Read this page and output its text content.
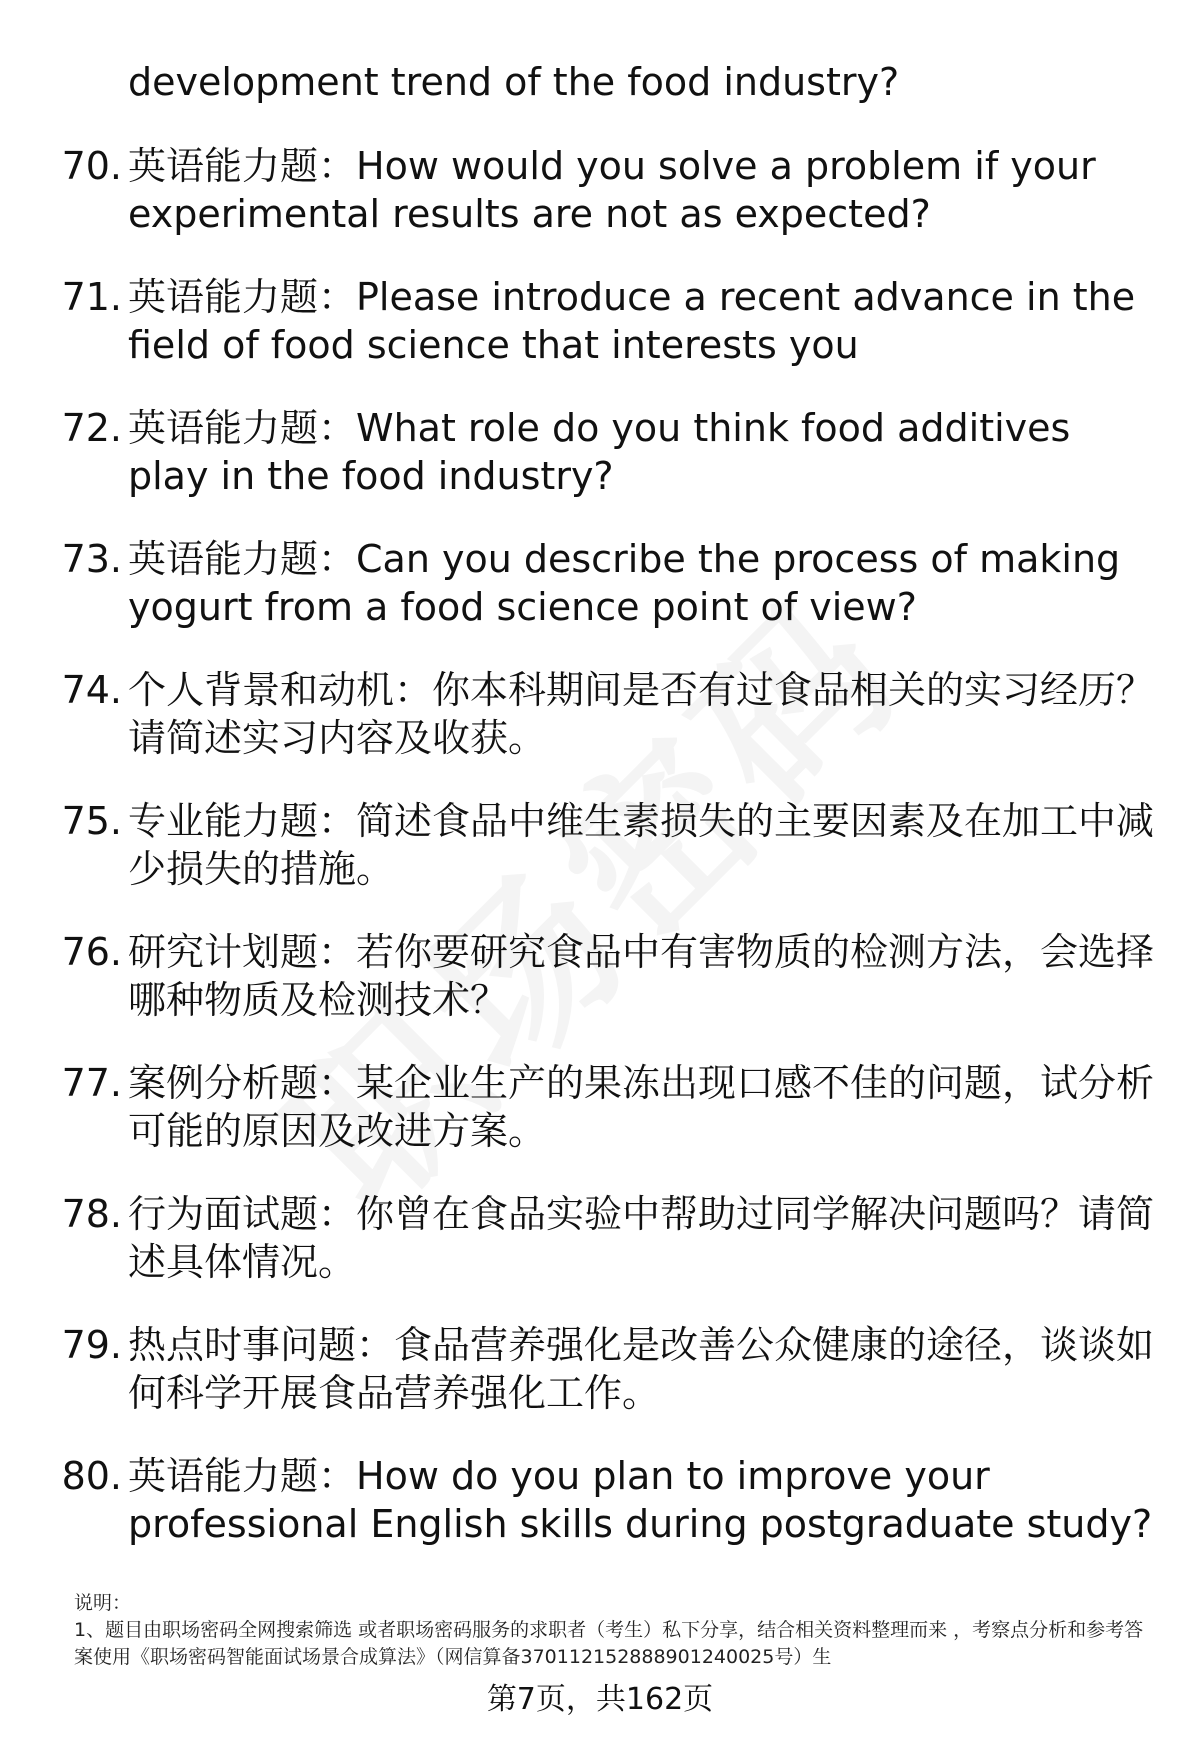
development trend of the food industry?
70. 英语能力题：How would you solve a problem if your experimental results are not as expected?
71. 英语能力题：Please introduce a recent advance in the field of food science that interests you
72. 英语能力题：What role do you think food additives play in the food industry?
73. 英语能力题：Can you describe the process of making yogurt from a food science point of view?
74. 个人背景和动机：你本科期间是否有过食品相关的实习经历？请简述实习内容及收获。
75. 专业能力题：简述食品中维生素损失的主要因素及在加工中减少损失的措施。
76. 研究计划题：若你要研究食品中有害物质的检测方法，会选择哪种物质及检测技术？
77. 案例分析题：某企业生产的果冻出现口感不佳的问题，试分析可能的原因及改进方案。
78. 行为面试题：你曾在食品实验中帮助过同学解决问题吗？请简述具体情况。
79. 热点时事问题：食品营养强化是改善公众健康的途径，谈谈如何科学开展食品营养强化工作。
80. 英语能力题：How do you plan to improve your professional English skills during postgraduate study?
说明：
1、题目由职场密码全网搜索筛选 或者职场密码服务的求职者（考生）私下分享，结合相关资料整理而来 ，考察点分析和参考答案使用《职场密码智能面试场景合成算法》（网信算备370112152888901240025号）生
第7页，共162页
